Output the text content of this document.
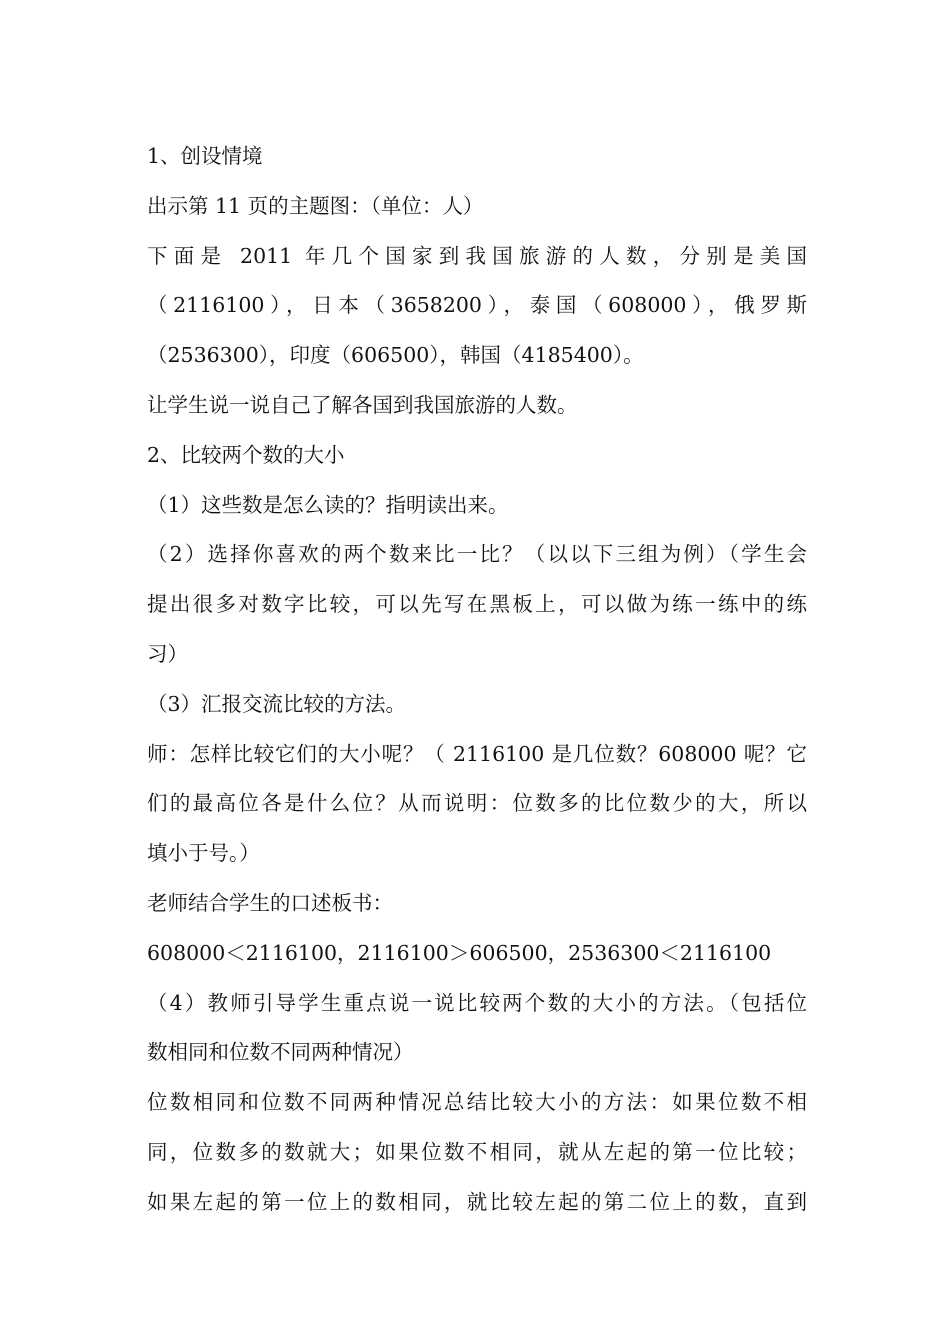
1、创设情境
出示第 11 页的主题图：（单位：人）
下面是 2011 年几个国家到我国旅游的人数，分别是美国
（2116100），日本（3658200），泰国（608000），俄罗斯
（2536300），印度（606500），韩国（4185400）。
让学生说一说自己了解各国到我国旅游的人数。
2、比较两个数的大小
（1）这些数是怎么读的？指明读出来。
（2）选择你喜欢的两个数来比一比？（以以下三组为例）（学生会
提出很多对数字比较，可以先写在黑板上，可以做为练一练中的练
习）
（3）汇报交流比较的方法。
师：怎样比较它们的大小呢？（ 2116100 是几位数？608000 呢？它
们的最高位各是什么位？从而说明：位数多的比位数少的大，所以
填小于号。）
老师结合学生的口述板书：
608000＜2116100，2116100＞606500，2536300＜2116100
（4）教师引导学生重点说一说比较两个数的大小的方法。（包括位
数相同和位数不同两种情况）
位数相同和位数不同两种情况总结比较大小的方法：如果位数不相
同，位数多的数就大；如果位数不相同，就从左起的第一位比较；
如果左起的第一位上的数相同，就比较左起的第二位上的数，直到
